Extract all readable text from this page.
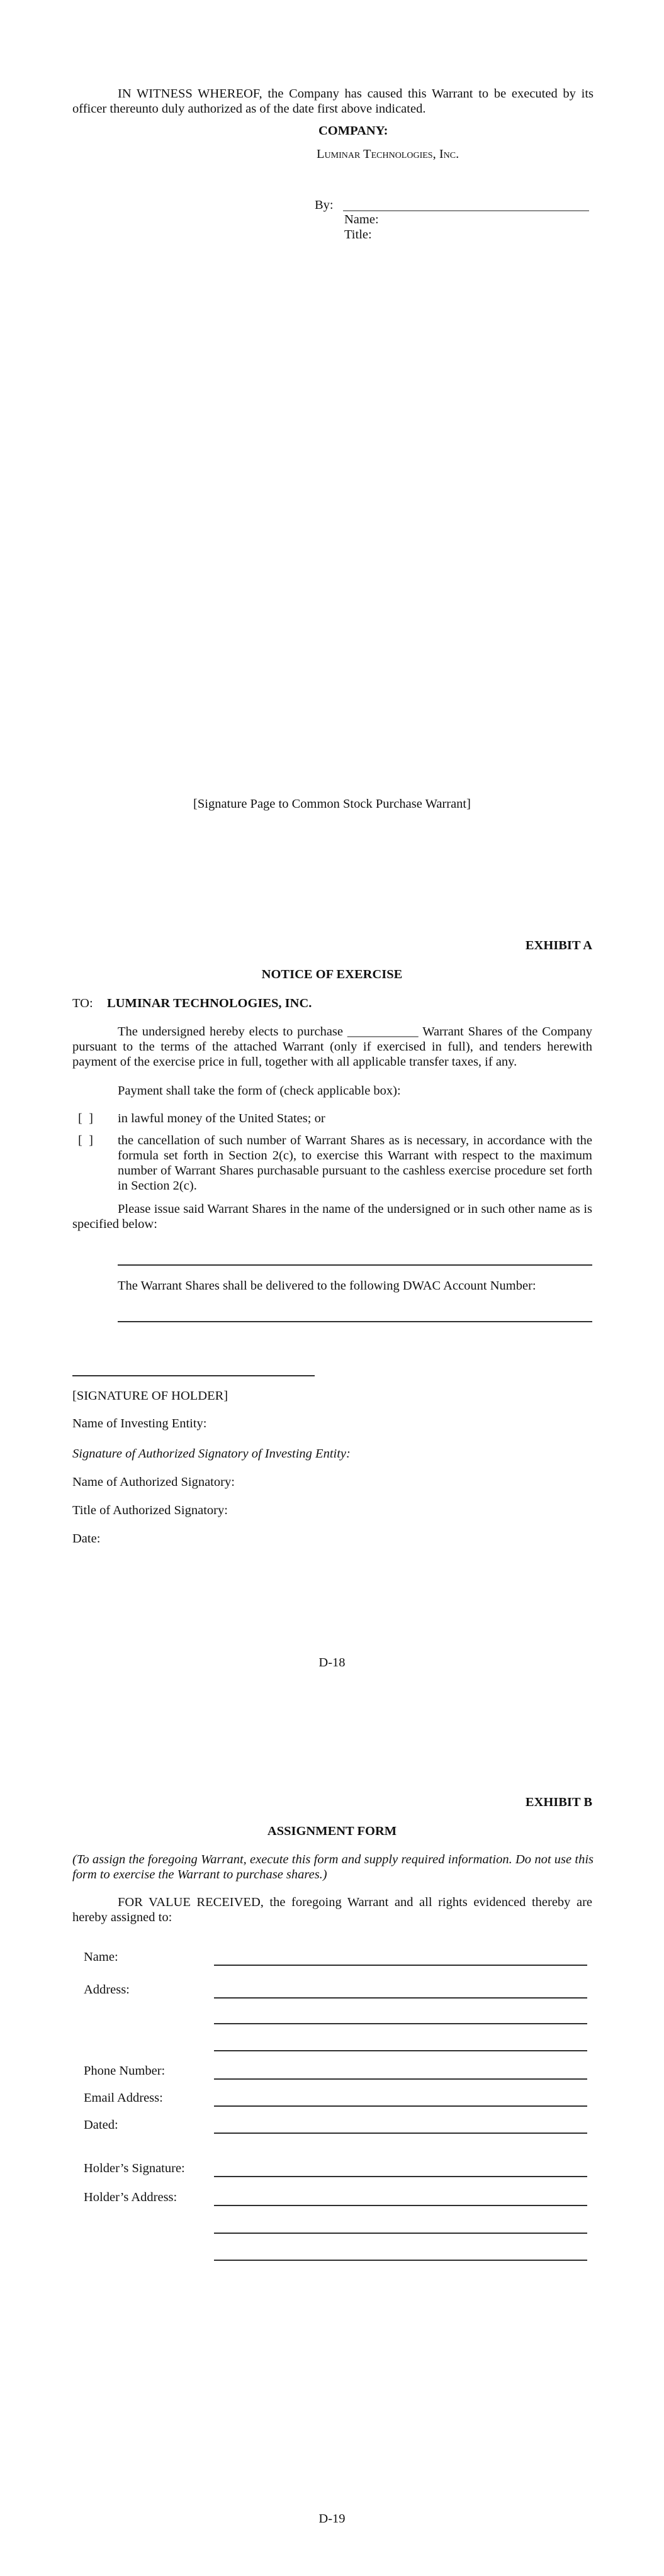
IN WITNESS WHEREOF, the Company has caused this Warrant to be executed by its officer thereunto duly authorized as of the date first above indicated.

COMPANY:
Luminar Technologies, Inc.
By:
Name:
Title:
[Signature Page to Common Stock Purchase Warrant]
EXHIBIT A
NOTICE OF EXERCISE
TO: LUMINAR TECHNOLOGIES, INC.

The undersigned hereby elects to purchase ___________ Warrant Shares of the Company pursuant to the terms of the attached Warrant (only if exercised in full), and tenders herewith payment of the exercise price in full, together with all applicable transfer taxes, if any.

Payment shall take the form of (check applicable box):
[  ] in lawful money of the United States; or
[  ] the cancellation of such number of Warrant Shares as is necessary, in accordance with the formula set forth in Section 2(c), to exercise this Warrant with respect to the maximum number of Warrant Shares purchasable pursuant to the cashless exercise procedure set forth in Section 2(c).

Please issue said Warrant Shares in the name of the undersigned or in such other name as is specified below:

The Warrant Shares shall be delivered to the following DWAC Account Number:
[SIGNATURE OF HOLDER]
Name of Investing Entity:
Signature of Authorized Signatory of Investing Entity:
Name of Authorized Signatory:
Title of Authorized Signatory:
Date:
D-18
EXHIBIT B
ASSIGNMENT FORM

(To assign the foregoing Warrant, execute this form and supply required information. Do not use this form to exercise the Warrant to purchase shares.)

FOR VALUE RECEIVED, the foregoing Warrant and all rights evidenced thereby are hereby assigned to:

Name:
Address:
Phone Number:
Email Address:
Dated:
Holder’s Signature:
Holder’s Address:
D-19
